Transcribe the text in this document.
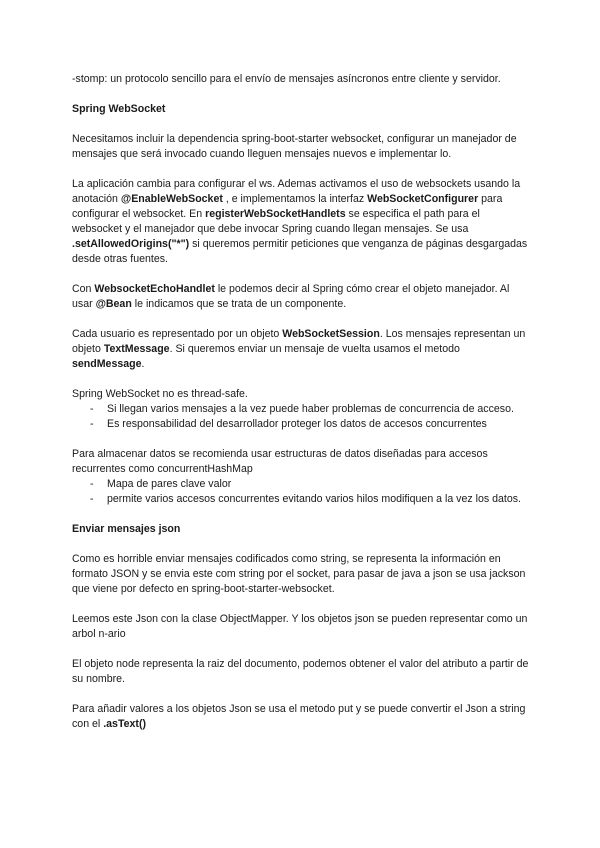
-stomp: un protocolo sencillo para el envío de mensajes asíncronos entre cliente y servidor.

Spring WebSocket

Necesitamos incluir la dependencia spring-boot-starter websocket, configurar un manejador de mensajes que será invocado cuando lleguen mensajes nuevos e implementar lo.

La aplicación cambia para configurar el ws. Ademas activamos el uso de websockets usando la anotación @EnableWebSocket , e implementamos la interfaz WebSocketConfigurer para configurar el websocket. En registerWebSocketHandlets se especifica el path para el websocket y el manejador que debe invocar Spring cuando llegan mensajes. Se usa .setAllowedOrigins("*") si queremos permitir peticiones que venganza de páginas desgargadas desde otras fuentes.

Con WebsocketEchoHandlet le podemos decir al Spring cómo crear el objeto manejador. Al usar @Bean le indicamos que se trata de un componente.

Cada usuario es representado por un objeto WebSocketSession. Los mensajes representan un objeto TextMessage. Si queremos enviar un mensaje de vuelta usamos el metodo sendMessage.

Spring WebSocket no es thread-safe.

- Si llegan varios mensajes a la vez puede haber problemas de concurrencia de acceso.
- Es responsabilidad del desarrollador proteger los datos de accesos concurrentes

Para almacenar datos se recomienda usar estructuras de datos diseñadas para accesos recurrentes como concurrentHashMap

- Mapa de pares clave valor
- permite varios accesos concurrentes evitando varios hilos modifiquen a la vez los datos.

Enviar mensajes json

Como es horrible enviar mensajes codificados como string, se representa la información en formato JSON y se envia este com string por el socket, para pasar de java a json se usa jackson que viene por defecto en spring-boot-starter-websocket.

Leemos este Json con la clase ObjectMapper. Y los objetos json se pueden representar como un arbol n-ario

El objeto node representa la raiz del documento, podemos obtener el valor del atributo a partir de su nombre.

Para añadir valores a los objetos Json se usa el metodo put y se puede convertir el Json a string con el .asText()
